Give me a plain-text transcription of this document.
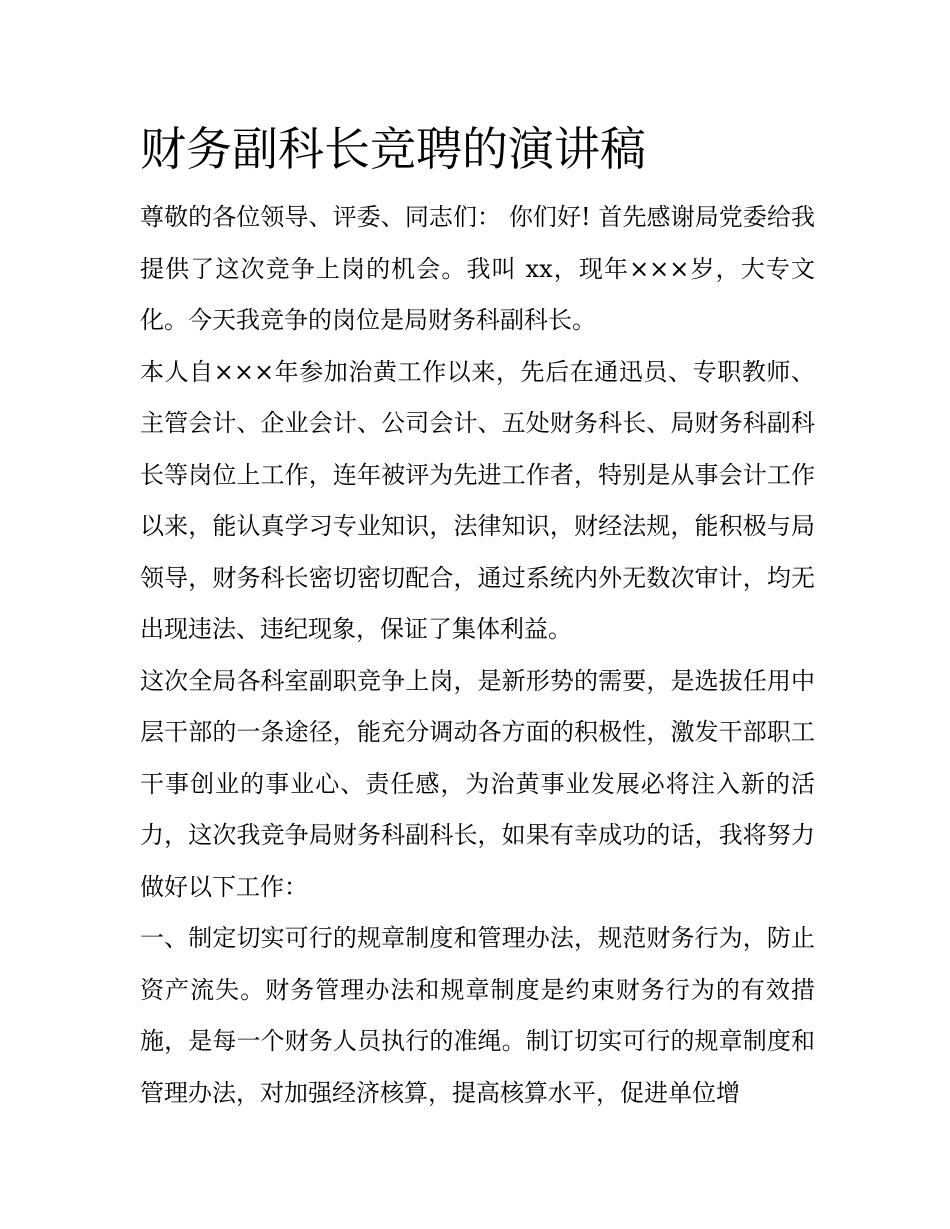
财务副科长竞聘的演讲稿

尊敬的各位领导、评委、同志们： 你们好! 首先感谢局党委给我提供了这次竞争上岗的机会。我叫 xx，现年×××岁，大专文化。今天我竞争的岗位是局财务科副科长。

本人自×××年参加治黄工作以来，先后在通迅员、专职教师、主管会计、企业会计、公司会计、五处财务科长、局财务科副科长等岗位上工作，连年被评为先进工作者，特别是从事会计工作以来，能认真学习专业知识，法律知识，财经法规，能积极与局领导，财务科长密切密切配合，通过系统内外无数次审计，均无出现违法、违纪现象，保证了集体利益。

这次全局各科室副职竞争上岗，是新形势的需要，是选拔任用中层干部的一条途径，能充分调动各方面的积极性，激发干部职工干事创业的事业心、责任感，为治黄事业发展必将注入新的活力，这次我竞争局财务科副科长，如果有幸成功的话，我将努力做好以下工作：

一、制定切实可行的规章制度和管理办法，规范财务行为，防止资产流失。财务管理办法和规章制度是约束财务行为的有效措施，是每一个财务人员执行的准绳。制订切实可行的规章制度和管理办法，对加强经济核算，提高核算水平，促进单位增
